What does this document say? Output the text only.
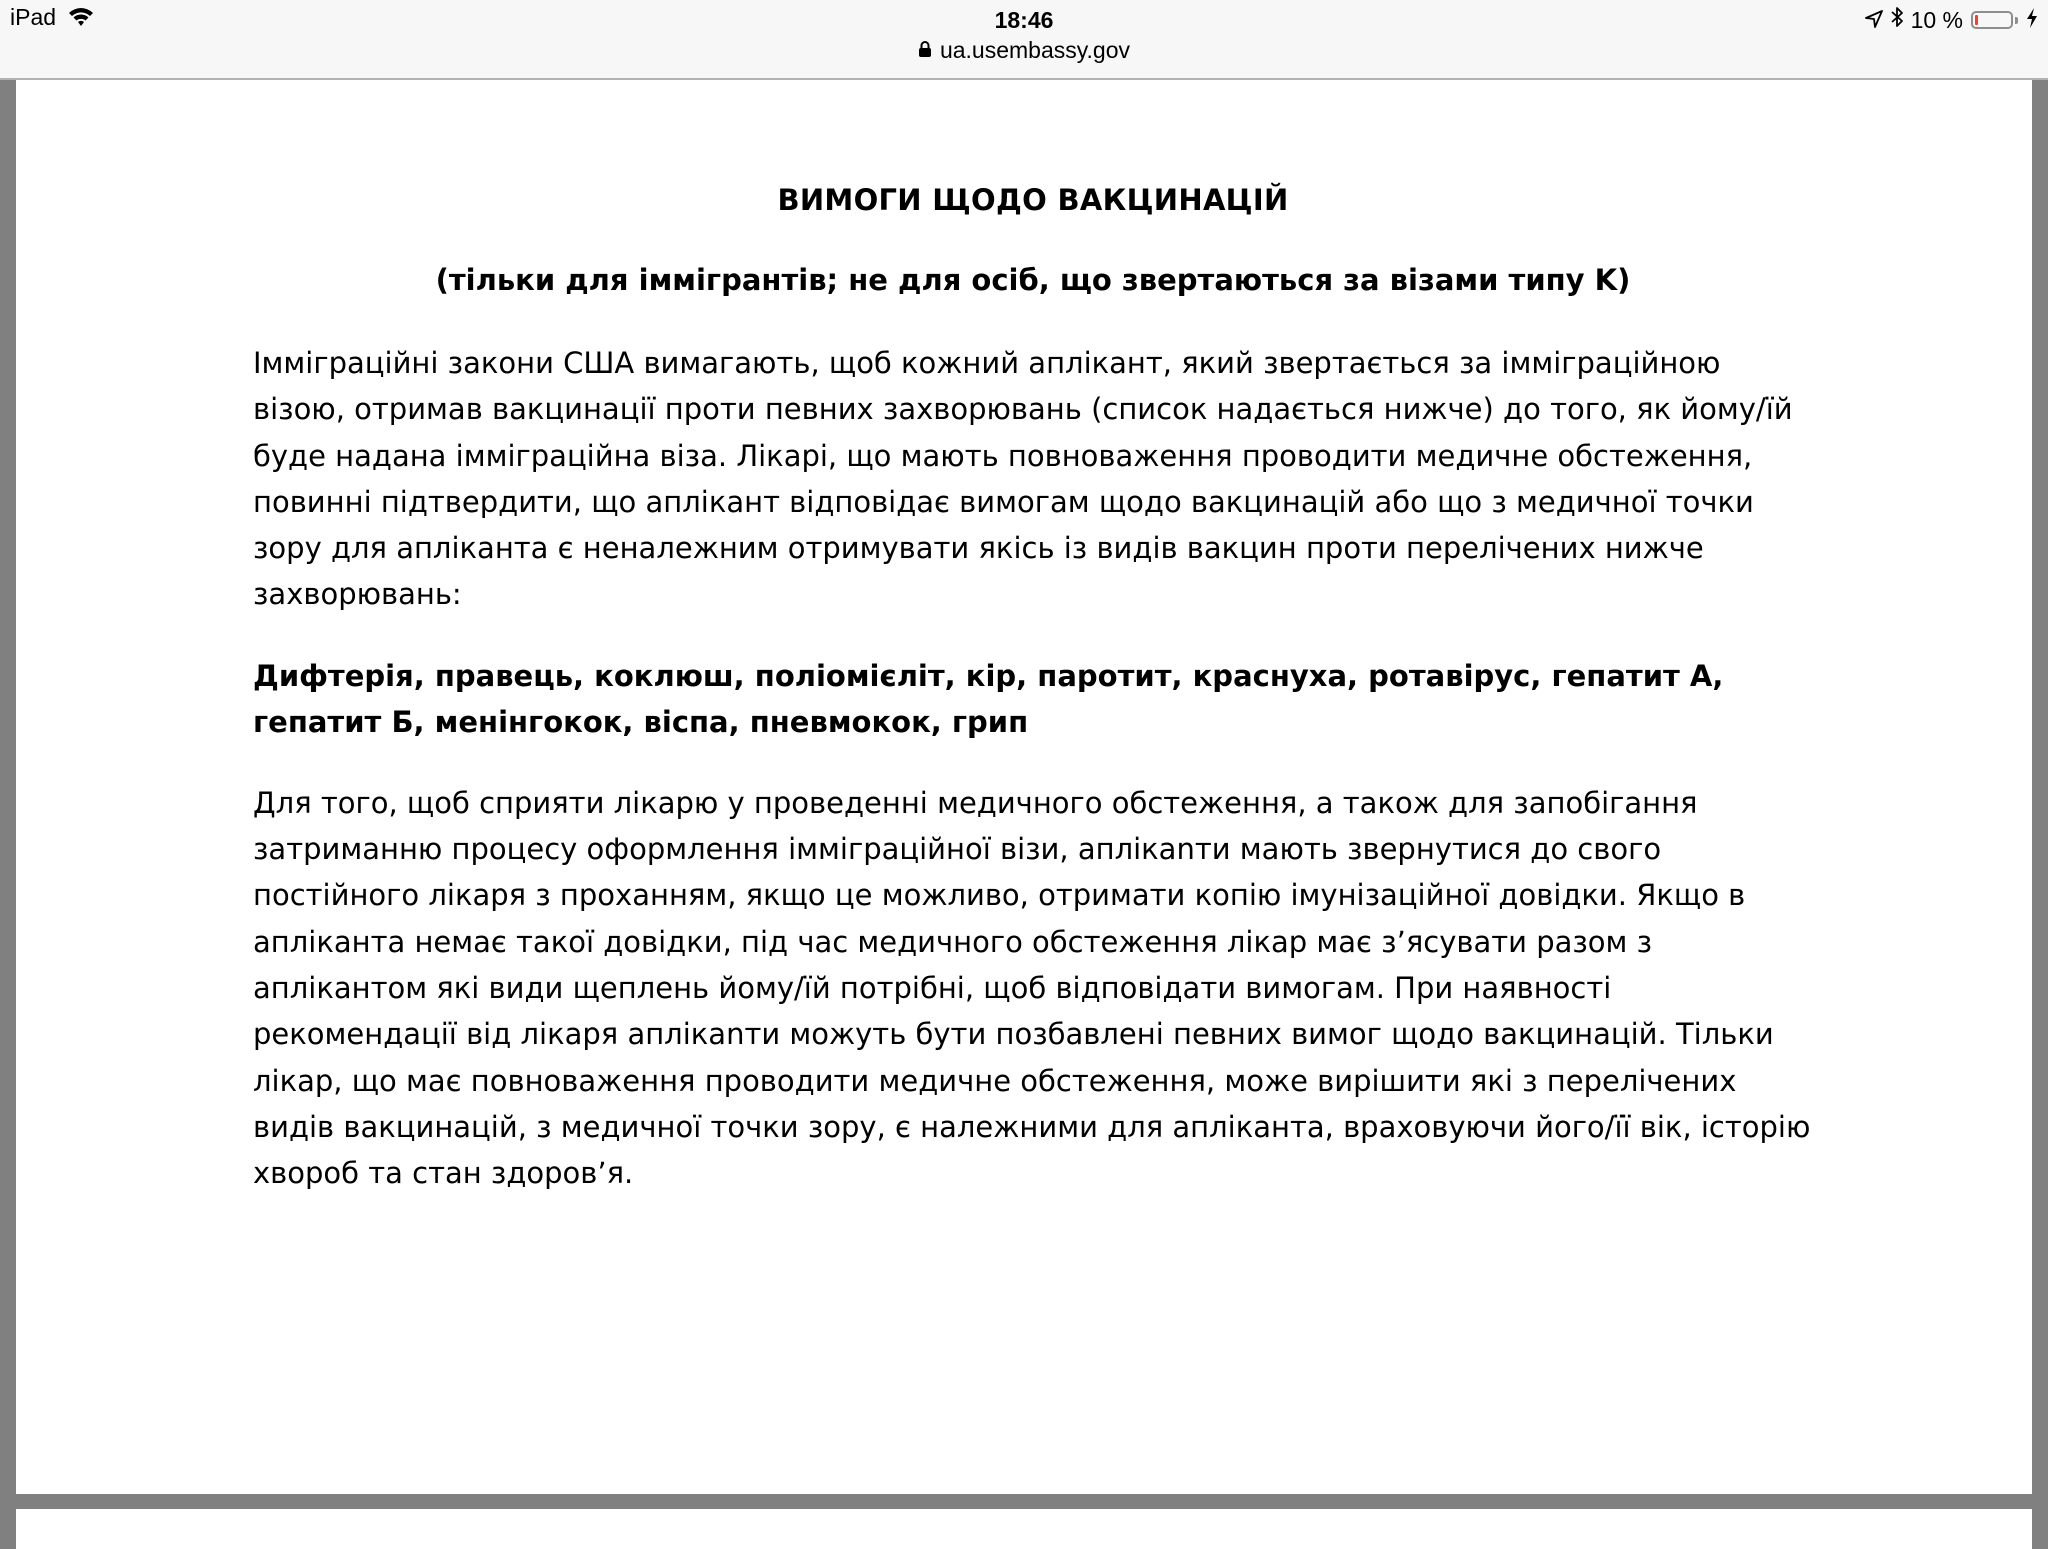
iPad	18:46
ua.usembassy.gov
10 %
ВИМОГИ ЩОДО ВАКЦИНАЦІЙ
(тільки для іммігрантів; не для осіб, що звертаються за візами типу K)

Імміграційні закони США вимагають, щоб кожний аплікант, який звертається за імміграційною візою, отримав вакцинації проти певних захворювань (список надається нижче) до того, як йому/їй буде надана імміграційна віза. Лікарі, що мають повноваження проводити медичне обстеження, повинні підтвердити, що аплікант відповідає вимогам щодо вакцинацій або що з медичної точки зору для апліканта є неналежним отримувати якісь із видів вакцин проти перелічених нижче захворювань:

Дифтерія, правець, коклюш, поліомієліт, кір, паротит, краснуха, ротавірус, гепатит А, гепатит Б, менінгокок, віспа, пневмокок, грип

Для того, щоб сприяти лікарю у проведенні медичного обстеження, а також для запобігання затриманню процесу оформлення імміграційної візи, аплікanти мають звернутися до свого постійного лікаря з проханням, якщо це можливо, отримати копію імунізаційної довідки. Якщо в апліканта немає такої довідки, під час медичного обстеження лікар має з’ясувати разом з аплікантом які види щеплень йому/їй потрібні, щоб відповідати вимогам. При наявності рекомендації від лікаря аплікanти можуть бути позбавлені певних вимог щодо вакцинацій. Тільки лікар, що має повноваження проводити медичне обстеження, може вирішити які з перелічених видів вакцинацій, з медичної точки зору, є належними для апліканта, враховуючи його/її вік, історію хвороб та стан здоров’я.
